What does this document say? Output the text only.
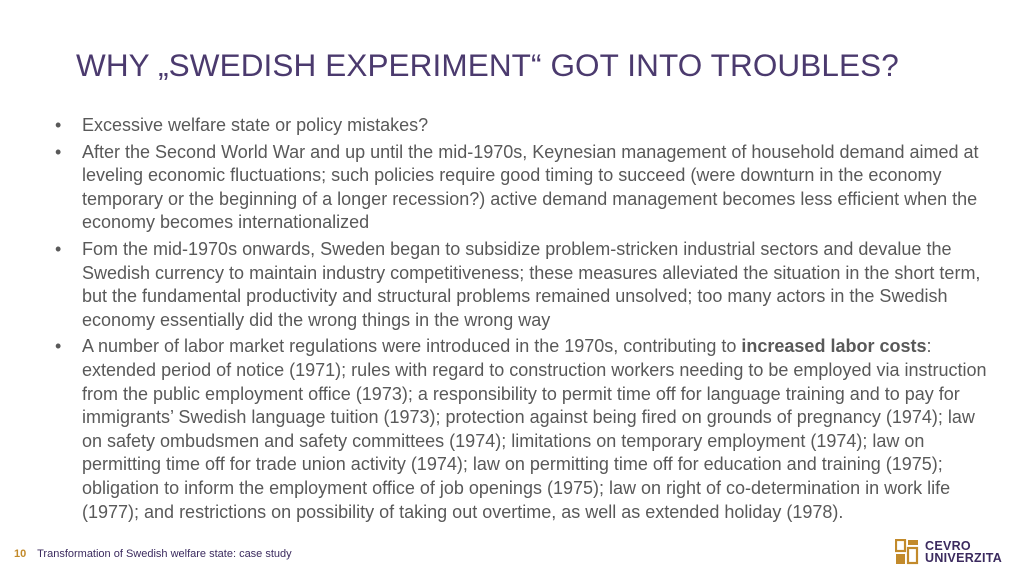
WHY „SWEDISH EXPERIMENT“ GOT INTO TROUBLES?
• Excessive welfare state or policy mistakes?
• After the Second World War and up until the mid-1970s, Keynesian management of household demand aimed at leveling economic fluctuations; such policies require good timing to succeed (were downturn in the economy temporary or the beginning of a longer recession?) active demand management becomes less efficient when the economy becomes internationalized
• Fom the mid-1970s onwards, Sweden began to subsidize problem-stricken industrial sectors and devalue the Swedish currency to maintain industry competitiveness; these measures alleviated the situation in the short term, but the fundamental productivity and structural problems remained unsolved; too many actors in the Swedish economy essentially did the wrong things in the wrong way
• A number of labor market regulations were introduced in the 1970s, contributing to increased labor costs: extended period of notice (1971); rules with regard to construction workers needing to be employed via instruction from the public employment office (1973); a responsibility to permit time off for language training and to pay for immigrants’ Swedish language tuition (1973); protection against being fired on grounds of pregnancy (1974); law on safety ombudsmen and safety committees (1974); limitations on temporary employment (1974); law on permitting time off for trade union activity (1974); law on permitting time off for education and training (1975); obligation to inform the employment office of job openings (1975); law on right of co-determination in work life (1977); and restrictions on possibility of taking out overtime, as well as extended holiday (1978).
10 Transformation of Swedish welfare state: case study
CEVRO
UNIVERZITA
